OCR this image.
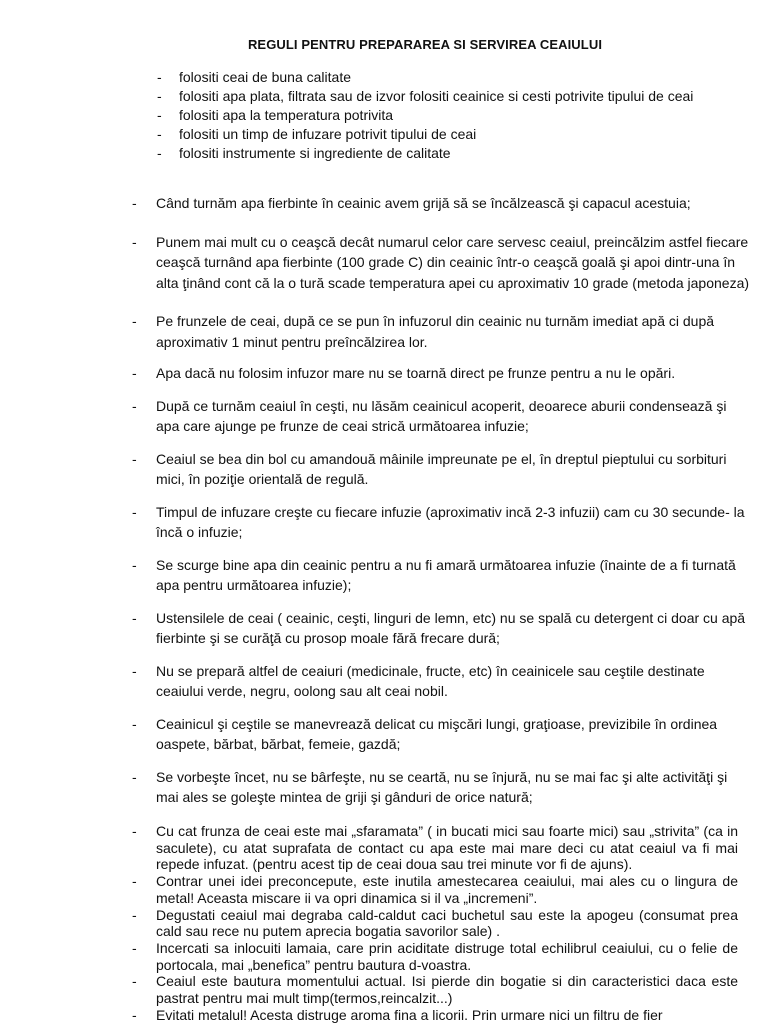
REGULI PENTRU PREPARAREA SI SERVIREA CEAIULUI
- folositi ceai de buna calitate
- folositi apa plata, filtrata sau de izvor folositi ceainice si cesti potrivite tipului de ceai
- folositi apa la temperatura potrivita
- folositi un timp de infuzare potrivit tipului de ceai
- folositi instrumente si ingrediente de calitate
- Când turnăm apa fierbinte în ceainic avem grijă să se încălzească şi capacul acestuia;
- Punem mai mult cu o ceaşcă decât numarul celor care servesc ceaiul, preincălzim astfel fiecare ceaşcă turnând apa fierbinte (100 grade C) din ceainic într-o ceaşcă goală şi apoi dintr-una în alta ţinând cont că la o tură scade temperatura apei cu aproximativ 10 grade (metoda japoneza)
- Pe frunzele de ceai, după ce se pun în infuzorul din ceainic nu turnăm imediat apă ci după aproximativ 1 minut pentru preîncălzirea lor.
- Apa dacă nu folosim infuzor mare nu se toarnă direct pe frunze pentru a nu le opări.
- După ce turnăm ceaiul în ceşti, nu lăsăm ceainicul acoperit, deoarece aburii condensează şi apa care ajunge pe frunze de ceai strică următoarea infuzie;
- Ceaiul se bea din bol cu amandouă mâinile impreunate pe el, în dreptul pieptului cu sorbituri mici, în poziţie orientală de regulă.
- Timpul de infuzare creşte cu fiecare infuzie (aproximativ incă 2-3 infuzii) cam cu 30 secunde- la încă o infuzie;
- Se scurge bine apa din ceainic pentru a nu fi amară următoarea infuzie (înainte de a fi turnată apa pentru următoarea infuzie);
- Ustensilele de ceai ( ceainic, ceşti, linguri de lemn, etc) nu se spală cu detergent ci doar cu apă fierbinte şi se curăţă cu prosop moale fără frecare dură;
- Nu se prepară altfel de ceaiuri (medicinale, fructe, etc) în ceainicele sau ceştile destinate ceaiului verde, negru, oolong sau alt ceai nobil.
- Ceainicul şi ceştile se manevrează delicat cu mişcări lungi, graţioase, previzibile în ordinea oaspete, bărbat, bărbat, femeie, gazdă;
- Se vorbeşte încet, nu se bârfeşte, nu se ceartă, nu se înjură, nu se mai fac şi alte activităţi şi mai ales se goleşte mintea de griji şi gânduri de orice natură;
- Cu cat frunza de ceai este mai „sfaramata” ( in bucati mici sau foarte mici) sau „strivita” (ca in saculete), cu atat suprafata de contact cu apa este mai mare deci cu atat ceaiul va fi mai repede infuzat. (pentru acest tip de ceai doua sau trei minute vor fi de ajuns).
- Contrar unei idei preconcepute, este inutila amestecarea ceaiului, mai ales cu o lingura de metal! Aceasta miscare ii va opri dinamica si il va „incremeni”.
- Degustati ceaiul mai degraba cald-caldut caci buchetul sau este la apogeu (consumat prea cald sau rece nu putem aprecia bogatia savorilor sale) .
- Incercati sa inlocuiti lamaia, care prin aciditate distruge total echilibrul ceaiului, cu o felie de portocala, mai „benefica” pentru bautura d-voastra.
- Ceaiul este bautura momentului actual. Isi pierde din bogatie si din caracteristici daca este pastrat pentru mai mult timp(termos,reincalzit...)
- Evitati metalul! Acesta distruge aroma fina a licorii. Prin urmare nici un filtru de fier
